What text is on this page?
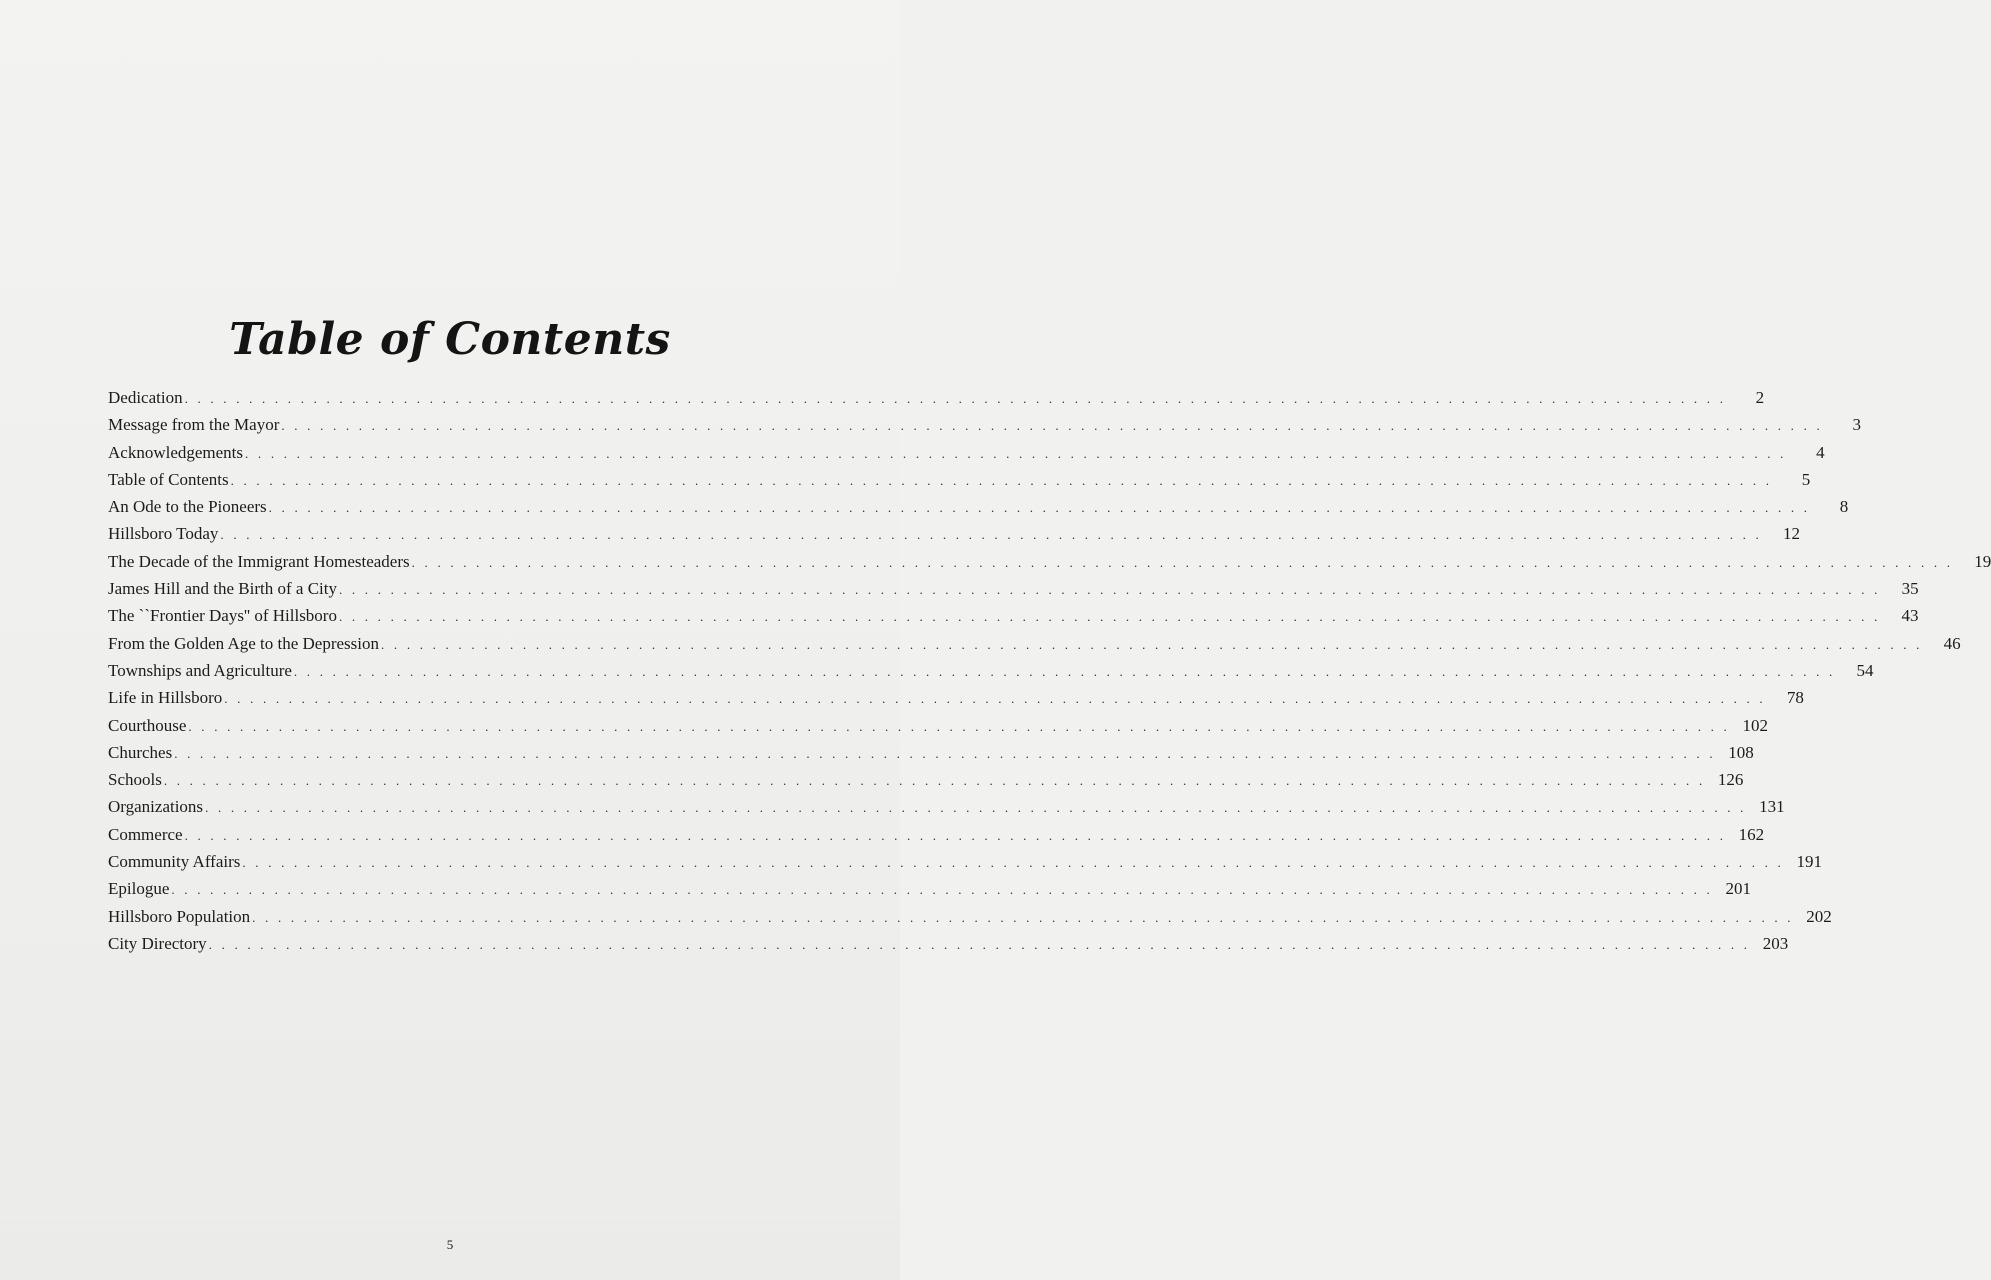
Table of Contents
Dedication . . . . . . . . . . . . . . . . . . . . . . . . . . . . . . . . . . . . . . . . . . . . . . . . . . . . . . . . . . . . . . . . . . . . . . . . . . . . . . . . . . . . . . . . . . . . . . . . . . . . . . . . . . . . . . . . . . . . . . . .	2
Message from the Mayor . . . . . . . . . . . . . . . . . . . . . . . . . . . . . . . . . . . . . . . . . . . . . . . . . . . . . . . . . . . . . . . . . . . . . . . . . . . . . . . . . . . . . . . . . . . . . . . . . . . . . . . . . . . . . . . . . . . . . . . .	3
Acknowledgements . . . . . . . . . . . . . . . . . . . . . . . . . . . . . . . . . . . . . . . . . . . . . . . . . . . . . . . . . . . . . . . . . . . . . . . . . . . . . . . . . . . . . . . . . . . . . . . . . . . . . . . . . . . . . . . . . . . . . . . .	4
Table of Contents . . . . . . . . . . . . . . . . . . . . . . . . . . . . . . . . . . . . . . . . . . . . . . . . . . . . . . . . . . . . . . . . . . . . . . . . . . . . . . . . . . . . . . . . . . . . . . . . . . . . . . . . . . . . . . . . . . . . . . . .	5
An Ode to the Pioneers . . . . . . . . . . . . . . . . . . . . . . . . . . . . . . . . . . . . . . . . . . . . . . . . . . . . . . . . . . . . . . . . . . . . . . . . . . . . . . . . . . . . . . . . . . . . . . . . . . . . . . . . . . . . . . . . . . . . . . . .	8
Hillsboro Today . . . . . . . . . . . . . . . . . . . . . . . . . . . . . . . . . . . . . . . . . . . . . . . . . . . . . . . . . . . . . . . . . . . . . . . . . . . . . . . . . . . . . . . . . . . . . . . . . . . . . . . . . . . . . . . . . . . . . . . .	12
The Decade of the Immigrant Homesteaders . . . . . . . . . . . . . . . . . . . . . . . . . . . . . . . . . . . . . . . . . . . . . . . . . . . . . . . . . . . . . . . . . . . . . . . . . . . . . . . . . . . . . . . . . . . . . . . . . . . . . . . . . . . . . . . . . . . . . . . .	19
James Hill and the Birth of a City . . . . . . . . . . . . . . . . . . . . . . . . . . . . . . . . . . . . . . . . . . . . . . . . . . . . . . . . . . . . . . . . . . . . . . . . . . . . . . . . . . . . . . . . . . . . . . . . . . . . . . . . . . . . . . . . . . . . . . . .	35
The ``Frontier Days'' of Hillsboro . . . . . . . . . . . . . . . . . . . . . . . . . . . . . . . . . . . . . . . . . . . . . . . . . . . . . . . . . . . . . . . . . . . . . . . . . . . . . . . . . . . . . . . . . . . . . . . . . . . . . . . . . . . . . . . . . . . . . . . .	43
From the Golden Age to the Depression . . . . . . . . . . . . . . . . . . . . . . . . . . . . . . . . . . . . . . . . . . . . . . . . . . . . . . . . . . . . . . . . . . . . . . . . . . . . . . . . . . . . . . . . . . . . . . . . . . . . . . . . . . . . . . . . . . . . . . . .	46
Townships and Agriculture . . . . . . . . . . . . . . . . . . . . . . . . . . . . . . . . . . . . . . . . . . . . . . . . . . . . . . . . . . . . . . . . . . . . . . . . . . . . . . . . . . . . . . . . . . . . . . . . . . . . . . . . . . . . . . . . . . . . . . . .	54
Life in Hillsboro . . . . . . . . . . . . . . . . . . . . . . . . . . . . . . . . . . . . . . . . . . . . . . . . . . . . . . . . . . . . . . . . . . . . . . . . . . . . . . . . . . . . . . . . . . . . . . . . . . . . . . . . . . . . . . . . . . . . . . . .	78
Courthouse . . . . . . . . . . . . . . . . . . . . . . . . . . . . . . . . . . . . . . . . . . . . . . . . . . . . . . . . . . . . . . . . . . . . . . . . . . . . . . . . . . . . . . . . . . . . . . . . . . . . . . . . . . . . . . . . . . . . . . . . 102
Churches . . . . . . . . . . . . . . . . . . . . . . . . . . . . . . . . . . . . . . . . . . . . . . . . . . . . . . . . . . . . . . . . . . . . . . . . . . . . . . . . . . . . . . . . . . . . . . . . . . . . . . . . . . . . . . . . . . . . . . . . 108
Schools . . . . . . . . . . . . . . . . . . . . . . . . . . . . . . . . . . . . . . . . . . . . . . . . . . . . . . . . . . . . . . . . . . . . . . . . . . . . . . . . . . . . . . . . . . . . . . . . . . . . . . . . . . . . . . . . . . . . . . . . 126
Organizations . . . . . . . . . . . . . . . . . . . . . . . . . . . . . . . . . . . . . . . . . . . . . . . . . . . . . . . . . . . . . . . . . . . . . . . . . . . . . . . . . . . . . . . . . . . . . . . . . . . . . . . . . . . . . . . . . . . . . . . . 131
Commerce . . . . . . . . . . . . . . . . . . . . . . . . . . . . . . . . . . . . . . . . . . . . . . . . . . . . . . . . . . . . . . . . . . . . . . . . . . . . . . . . . . . . . . . . . . . . . . . . . . . . . . . . . . . . . . . . . . . . . . . . 162
Community Affairs . . . . . . . . . . . . . . . . . . . . . . . . . . . . . . . . . . . . . . . . . . . . . . . . . . . . . . . . . . . . . . . . . . . . . . . . . . . . . . . . . . . . . . . . . . . . . . . . . . . . . . . . . . . . . . . . . . . . . . . . 191
Epilogue . . . . . . . . . . . . . . . . . . . . . . . . . . . . . . . . . . . . . . . . . . . . . . . . . . . . . . . . . . . . . . . . . . . . . . . . . . . . . . . . . . . . . . . . . . . . . . . . . . . . . . . . . . . . . . . . . . . . . . . . 201
Hillsboro Population . . . . . . . . . . . . . . . . . . . . . . . . . . . . . . . . . . . . . . . . . . . . . . . . . . . . . . . . . . . . . . . . . . . . . . . . . . . . . . . . . . . . . . . . . . . . . . . . . . . . . . . . . . . . . . . . . . . . . . . . 202
City Directory . . . . . . . . . . . . . . . . . . . . . . . . . . . . . . . . . . . . . . . . . . . . . . . . . . . . . . . . . . . . . . . . . . . . . . . . . . . . . . . . . . . . . . . . . . . . . . . . . . . . . . . . . . . . . . . . . . . . . . . . 203
5
